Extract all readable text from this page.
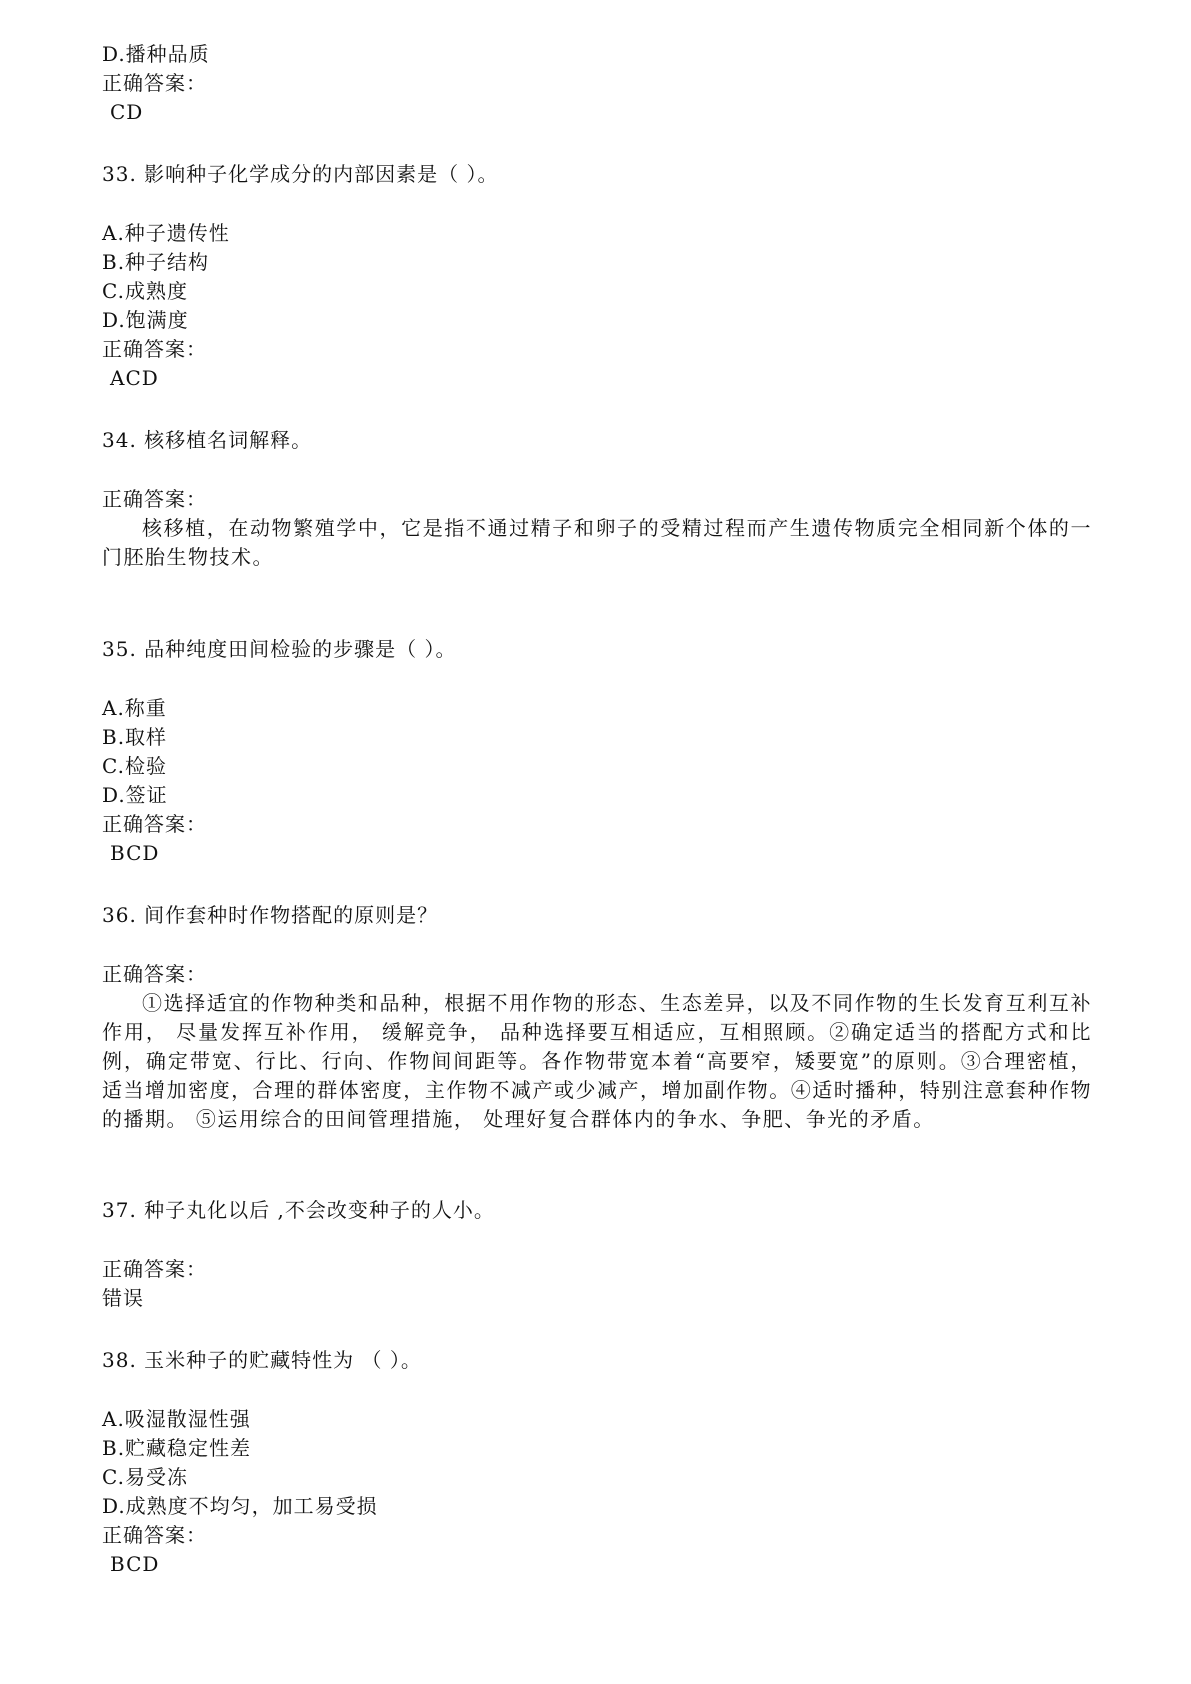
D.播种品质
正确答案：
CD
33. 影响种子化学成分的内部因素是（ ）。
A.种子遗传性
B.种子结构
C.成熟度
D.饱满度
正确答案：
ACD
34. 核移植名词解释。
正确答案：
核移植，在动物繁殖学中，它是指不通过精子和卵子的受精过程而产生遗传物质完全相同新个体的一门胚胎生物技术。
35. 品种纯度田间检验的步骤是（ ）。
A.称重
B.取样
C.检验
D.签证
正确答案：
BCD
36. 间作套种时作物搭配的原则是？
正确答案：
①选择适宜的作物种类和品种，根据不用作物的形态、生态差异，以及不同作物的生长发育互利互补作用， 尽量发挥互补作用， 缓解竞争， 品种选择要互相适应，互相照顾。②确定适当的搭配方式和比例，确定带宽、行比、行向、作物间间距等。各作物带宽本着“高要窄，矮要宽”的原则。③合理密植，适当增加密度，合理的群体密度，主作物不减产或少减产，增加副作物。④适时播种，特别注意套种作物的播期。 ⑤运用综合的田间管理措施， 处理好复合群体内的争水、争肥、争光的矛盾。
37. 种子丸化以后 ,不会改变种子的人小。
正确答案：
错误
38. 玉米种子的贮藏特性为 （ ）。
A.吸湿散湿性强
B.贮藏稳定性差
C.易受冻
D.成熟度不均匀，加工易受损
正确答案：
BCD
